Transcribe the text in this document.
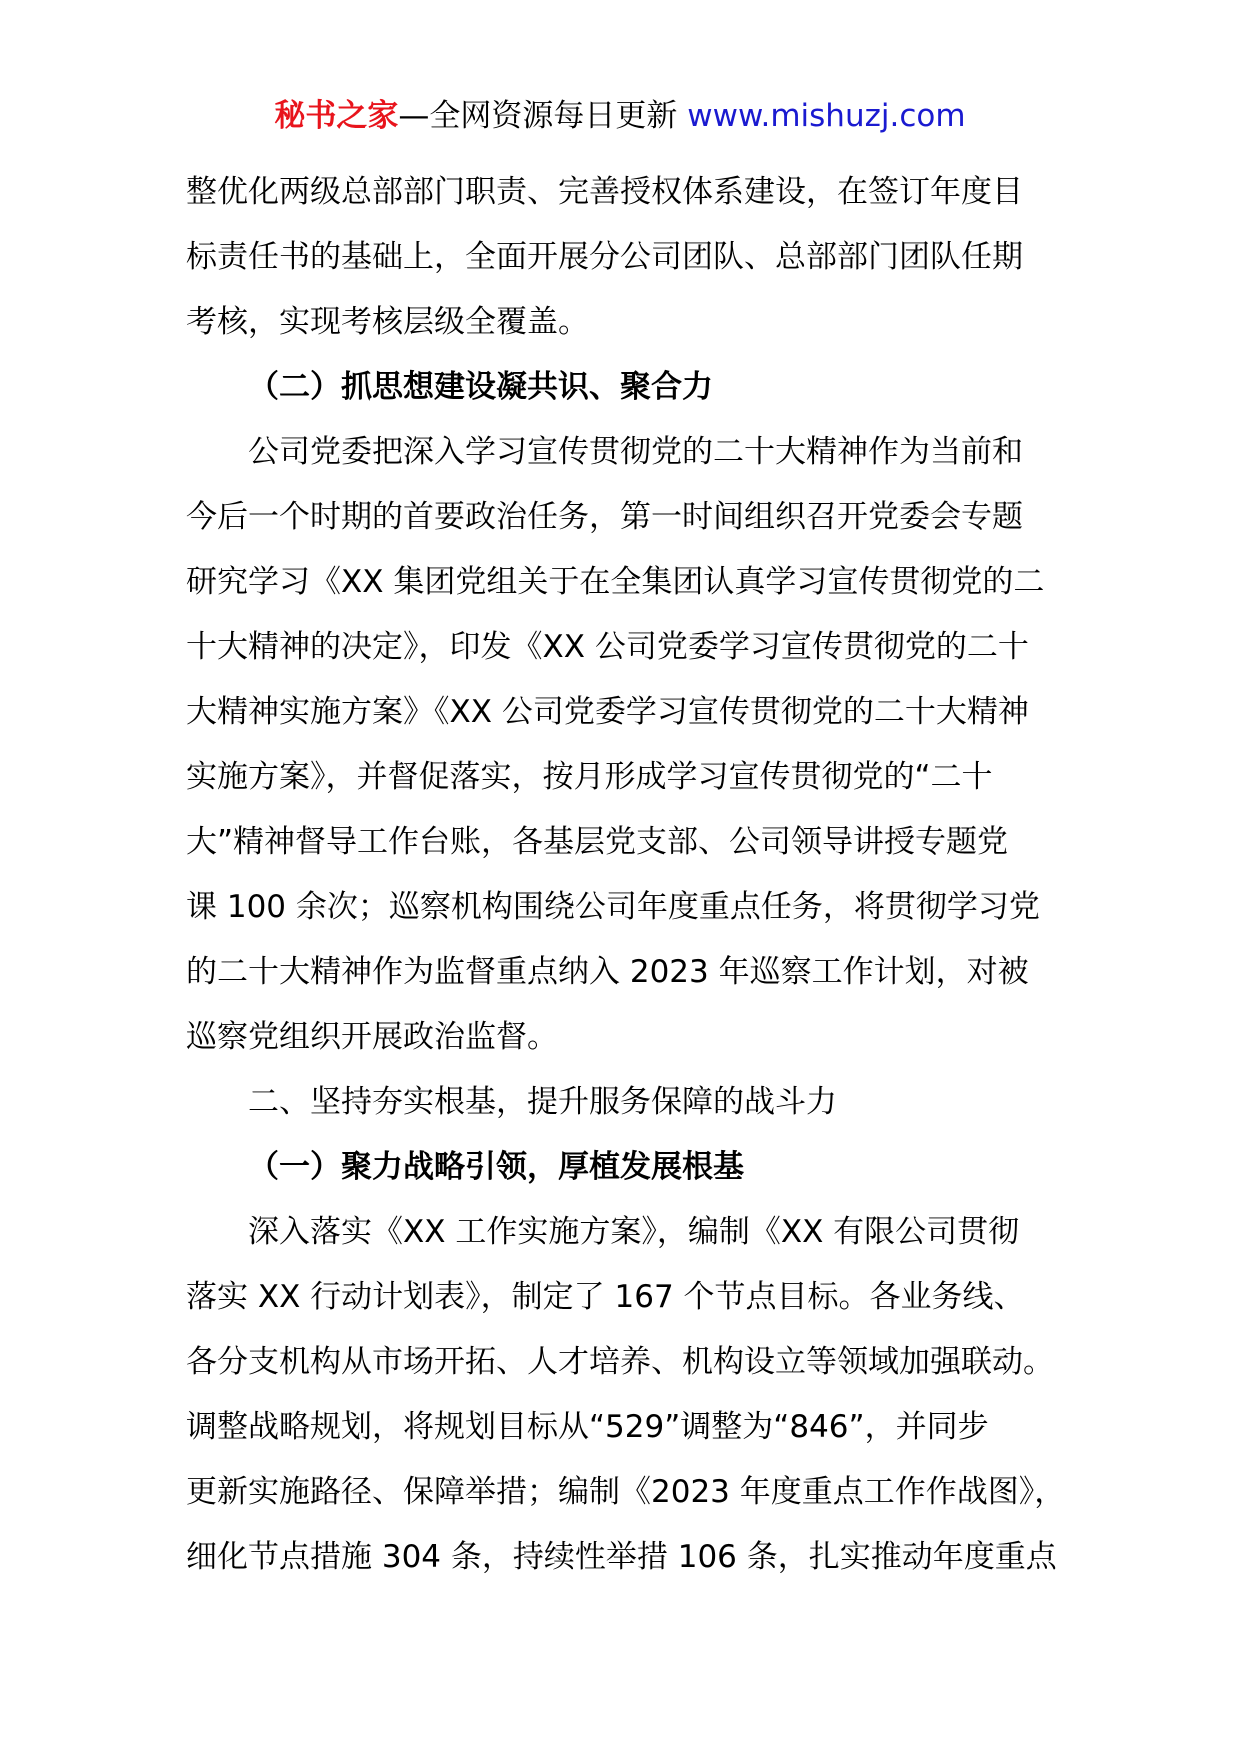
秘书之家—全网资源每日更新 www.mishuzj.com
整优化两级总部部门职责、完善授权体系建设，在签订年度目
标责任书的基础上，全面开展分公司团队、总部部门团队任期
考核，实现考核层级全覆盖。
（二）抓思想建设凝共识、聚合力
公司党委把深入学习宣传贯彻党的二十大精神作为当前和
今后一个时期的首要政治任务，第一时间组织召开党委会专题
研究学习《XX 集团党组关于在全集团认真学习宣传贯彻党的二
十大精神的决定》，印发《XX 公司党委学习宣传贯彻党的二十
大精神实施方案》《XX 公司党委学习宣传贯彻党的二十大精神
实施方案》，并督促落实，按月形成学习宣传贯彻党的“二十
大”精神督导工作台账，各基层党支部、公司领导讲授专题党
课 100 余次；巡察机构围绕公司年度重点任务，将贯彻学习党
的二十大精神作为监督重点纳入 2023 年巡察工作计划，对被
巡察党组织开展政治监督。
二、坚持夯实根基，提升服务保障的战斗力
（一）聚力战略引领，厚植发展根基
深入落实《XX 工作实施方案》，编制《XX 有限公司贯彻
落实 XX 行动计划表》，制定了 167 个节点目标。各业务线、
各分支机构从市场开拓、人才培养、机构设立等领域加强联动。
调整战略规划，将规划目标从“529”调整为“846”，并同步
更新实施路径、保障举措；编制《2023 年度重点工作作战图》，
细化节点措施 304 条，持续性举措 106 条，扎实推动年度重点
